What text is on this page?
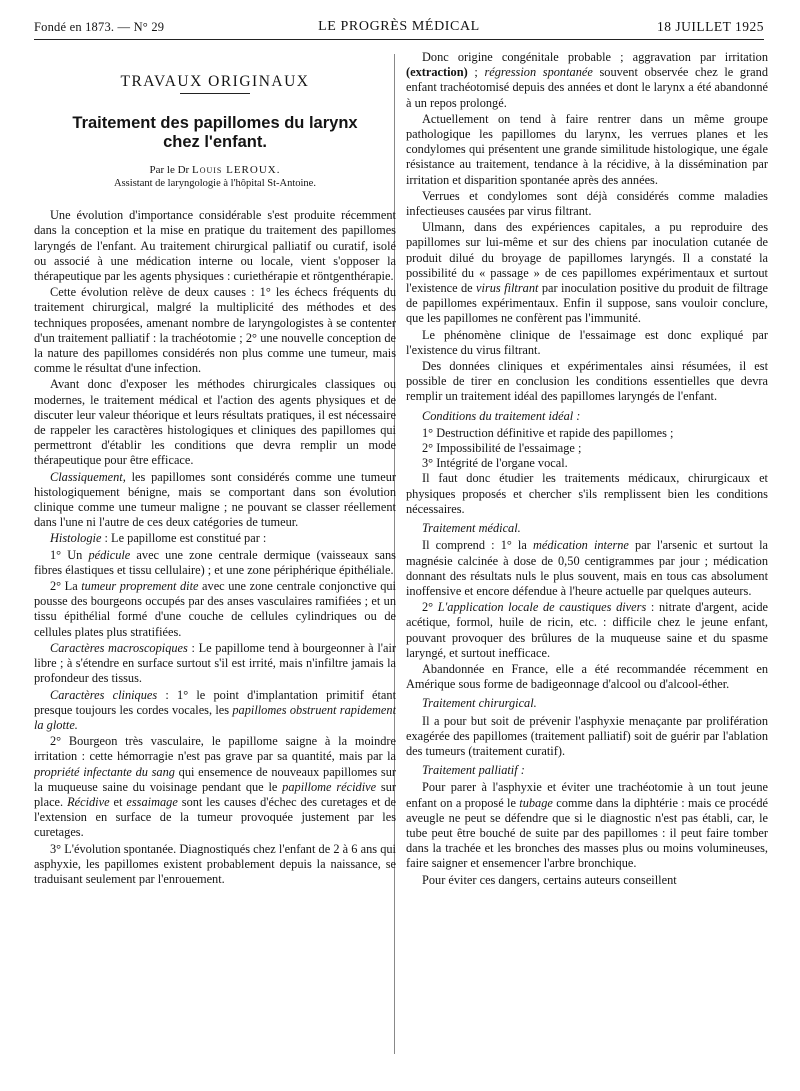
Fondé en 1873. — N° 29	LE PROGRÈS MÉDICAL	18 JUILLET 1925
TRAVAUX ORIGINAUX
Traitement des papillomes du larynx
chez l'enfant.
Par le Dr Louis LEROUX.
Assistant de laryngologie à l'hôpital St-Antoine.

Une évolution d'importance considérable s'est produite récemment dans la conception et la mise en pratique du traitement des papillomes laryngés de l'enfant. Au traitement chirurgical palliatif ou curatif, isolé ou associé à une médication interne ou locale, vient s'opposer la thérapeutique par les agents physiques : curiethérapie et röntgenthérapie.

Cette évolution relève de deux causes : 1° les échecs fréquents du traitement chirurgical, malgré la multiplicité des méthodes et des techniques proposées, amenant nombre de laryngologistes à se contenter d'un traitement palliatif : la trachéotomie ; 2° une nouvelle conception de la nature des papillomes considérés non plus comme une tumeur, mais comme le résultat d'une infection.

Avant donc d'exposer les méthodes chirurgicales classiques ou modernes, le traitement médical et l'action des agents physiques et de discuter leur valeur théorique et leurs résultats pratiques, il est nécessaire de rappeler les caractères histologiques et cliniques des papillomes qui permettront d'établir les conditions que devra remplir un mode thérapeutique pour être efficace.

Classiquement, les papillomes sont considérés comme une tumeur histologiquement bénigne, mais se comportant dans son évolution clinique comme une tumeur maligne ; ne pouvant se classer réellement dans l'une ni l'autre de ces deux catégories de tumeur.

Histologie : Le papillome est constitué par :

1° Un pédicule avec une zone centrale dermique (vaisseaux sans fibres élastiques et tissu cellulaire) ; et une zone périphérique épithéliale.

2° La tumeur proprement dite avec une zone centrale conjonctive qui pousse des bourgeons occupés par des anses vasculaires ramifiées ; et un tissu épithélial formé d'une couche de cellules cylindriques ou de cellules plates plus stratifiées.

Caractères macroscopiques : Le papillome tend à bourgeonner à l'air libre ; à s'étendre en surface surtout s'il est irrité, mais n'infiltre jamais la profondeur des tissus.

Caractères cliniques : 1° le point d'implantation primitif étant presque toujours les cordes vocales, les papillomes obstruent rapidement la glotte.

2° Bourgeon très vasculaire, le papillome saigne à la moindre irritation : cette hémorragie n'est pas grave par sa quantité, mais par la propriété infectante du sang qui ensemence de nouveaux papillomes sur la muqueuse saine du voisinage pendant que le papillome récidive sur place. Récidive et essaimage sont les causes d'échec des curetages et de l'extension en surface de la tumeur provoquée justement par les curetages.

3° L'évolution spontanée. Diagnostiqués chez l'enfant de 2 à 6 ans qui asphyxie, les papillomes existent probablement depuis la naissance, se traduisant seulement par l'enrouement.

Donc origine congénitale probable ; aggravation par irritation (extraction) ; régression spontanée souvent observée chez le grand enfant trachéotomisé depuis des années et dont le larynx a été abandonné à un repos prolongé.

Actuellement on tend à faire rentrer dans un même groupe pathologique les papillomes du larynx, les verrues planes et les condylomes qui présentent une grande similitude histologique, une égale résistance au traitement, tendance à la récidive, à la dissémination par irritation et disparition spontanée après des années.

Verrues et condylomes sont déjà considérés comme maladies infectieuses causées par virus filtrant.

Ulmann, dans des expériences capitales, a pu reproduire des papillomes sur lui-même et sur des chiens par inoculation cutanée de produit dilué du broyage de papillomes laryngés. Il a constaté la possibilité du « passage » de ces papillomes expérimentaux et surtout l'existence de virus filtrant par inoculation positive du produit de filtrage de papillomes expérimentaux. Enfin il suppose, sans vouloir conclure, que les papillomes ne confèrent pas l'immunité.

Le phénomène clinique de l'essaimage est donc expliqué par l'existence du virus filtrant.

Des données cliniques et expérimentales ainsi résumées, il est possible de tirer en conclusion les conditions essentielles que devra remplir un traitement idéal des papillomes laryngés de l'enfant.

Conditions du traitement idéal :

1° Destruction définitive et rapide des papillomes ;

2° Impossibilité de l'essaimage ;

3° Intégrité de l'organe vocal.

Il faut donc étudier les traitements médicaux, chirurgicaux et physiques proposés et chercher s'ils remplissent bien les conditions nécessaires.

Traitement médical.

Il comprend : 1° la médication interne par l'arsenic et surtout la magnésie calcinée à dose de 0,50 centigrammes par jour ; médication donnant des résultats nuls le plus souvent, mais en tous cas absolument inoffensive et encore défendue à l'heure actuelle par quelques auteurs.

2° L'application locale de caustiques divers : nitrate d'argent, acide acétique, formol, huile de ricin, etc. : difficile chez le jeune enfant, pouvant provoquer des brûlures de la muqueuse saine et du spasme laryngé, et surtout inefficace.

Abandonnée en France, elle a été recommandée récemment en Amérique sous forme de badigeonnage d'alcool ou d'alcool-éther.

Traitement chirurgical.

Il a pour but soit de prévenir l'asphyxie menaçante par prolifération exagérée des papillomes (traitement palliatif) soit de guérir par l'ablation des tumeurs (traitement curatif).

Traitement palliatif :

Pour parer à l'asphyxie et éviter une trachéotomie à un tout jeune enfant on a proposé le tubage comme dans la diphtérie : mais ce procédé aveugle ne peut se défendre que si le diagnostic n'est pas établi, car, le tube peut être bouché de suite par des papillomes : il peut faire tomber dans la trachée et les bronches des masses plus ou moins volumineuses, faire saigner et ensemencer l'arbre bronchique.

Pour éviter ces dangers, certains auteurs conseillent
